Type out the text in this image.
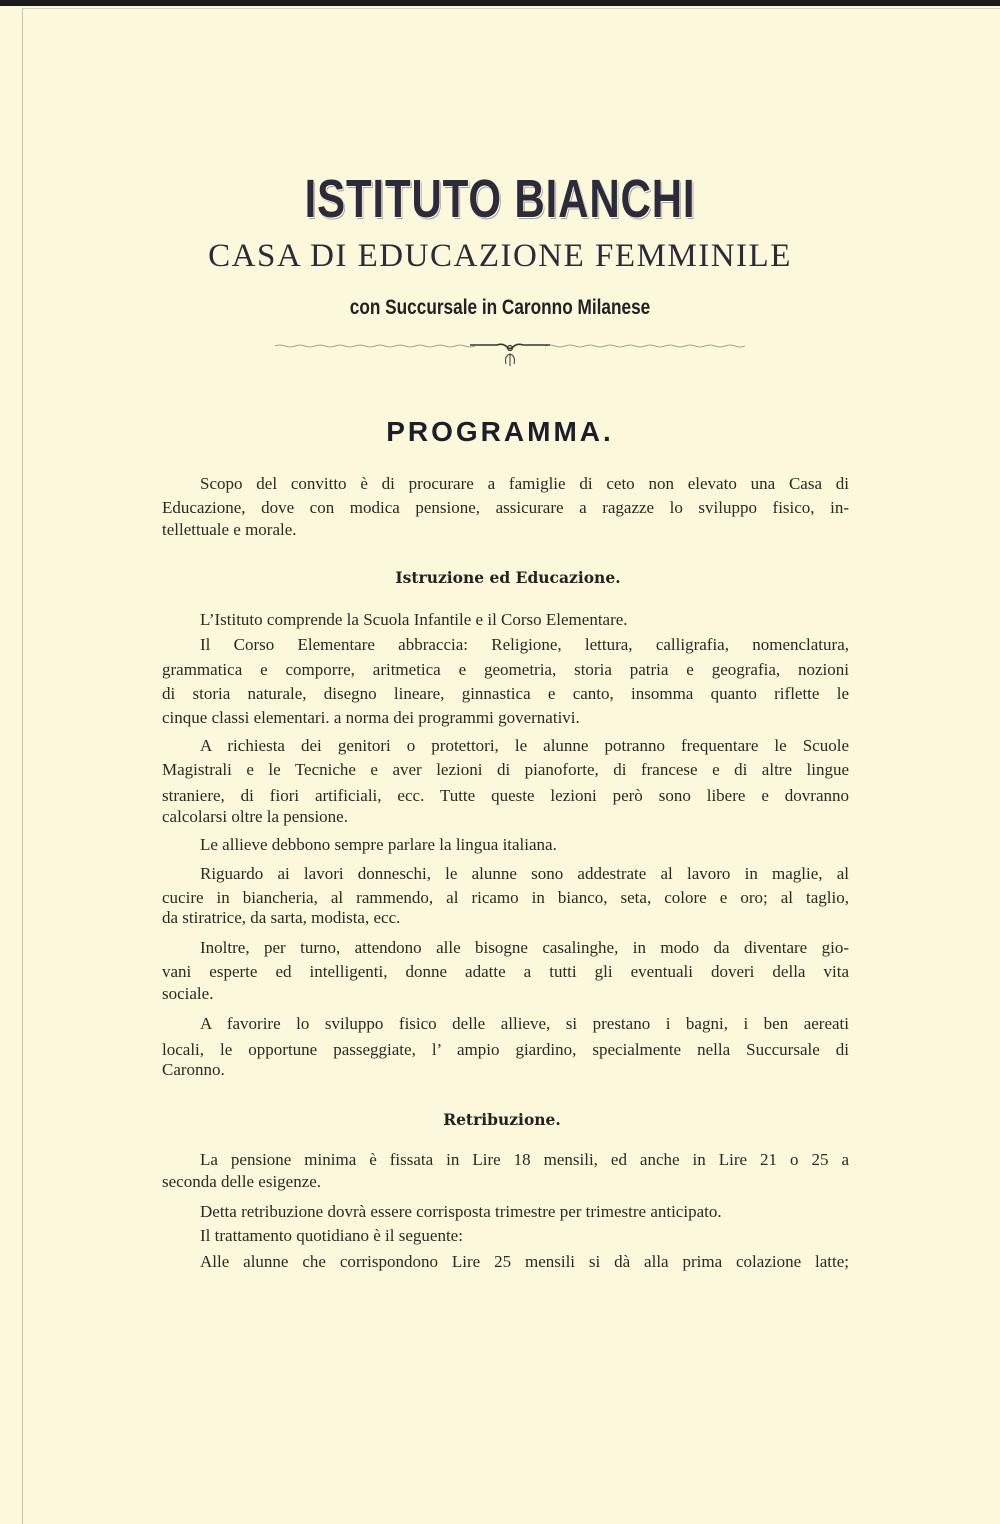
ISTITUTO BIANCHI
CASA DI EDUCAZIONE FEMMINILE
con Succursale in Caronno Milanese
PROGRAMMA.
Istruzione ed Educazione.
Retribuzione.
Scopo del convitto è di procurare a famiglie di ceto non elevato una Casa di
Educazione, dove con modica pensione, assicurare a ragazze lo sviluppo fisico, in-
tellettuale e morale.
L’Istituto comprende la Scuola Infantile e il Corso Elementare.
Il Corso Elementare abbraccia: Religione, lettura, calligrafia, nomenclatura,
grammatica e comporre, aritmetica e geometria, storia patria e geografia, nozioni
di storia naturale, disegno lineare, ginnastica e canto, insomma quanto riflette le
cinque classi elementari. a norma dei programmi governativi.
A richiesta dei genitori o protettori, le alunne potranno frequentare le Scuole
Magistrali e le Tecniche e aver lezioni di pianoforte, di francese e di altre lingue
straniere, di fiori artificiali, ecc. Tutte queste lezioni però sono libere e dovranno
calcolarsi oltre la pensione.
Le allieve debbono sempre parlare la lingua italiana.
Riguardo ai lavori donneschi, le alunne sono addestrate al lavoro in maglie, al
cucire in biancheria, al rammendo, al ricamo in bianco, seta, colore e oro; al taglio,
da stiratrice, da sarta, modista, ecc.
Inoltre, per turno, attendono alle bisogne casalinghe, in modo da diventare gio-
vani esperte ed intelligenti, donne adatte a tutti gli eventuali doveri della vita
sociale.
A favorire lo sviluppo fisico delle allieve, si prestano i bagni, i ben aereati
locali, le opportune passeggiate, l’ ampio giardino, specialmente nella Succursale di
Caronno.
La pensione minima è fissata in Lire 18 mensili, ed anche in Lire 21 o 25 a
seconda delle esigenze.
Detta retribuzione dovrà essere corrisposta trimestre per trimestre anticipato.
Il trattamento quotidiano è il seguente:
Alle alunne che corrispondono Lire 25 mensili si dà alla prima colazione latte;
